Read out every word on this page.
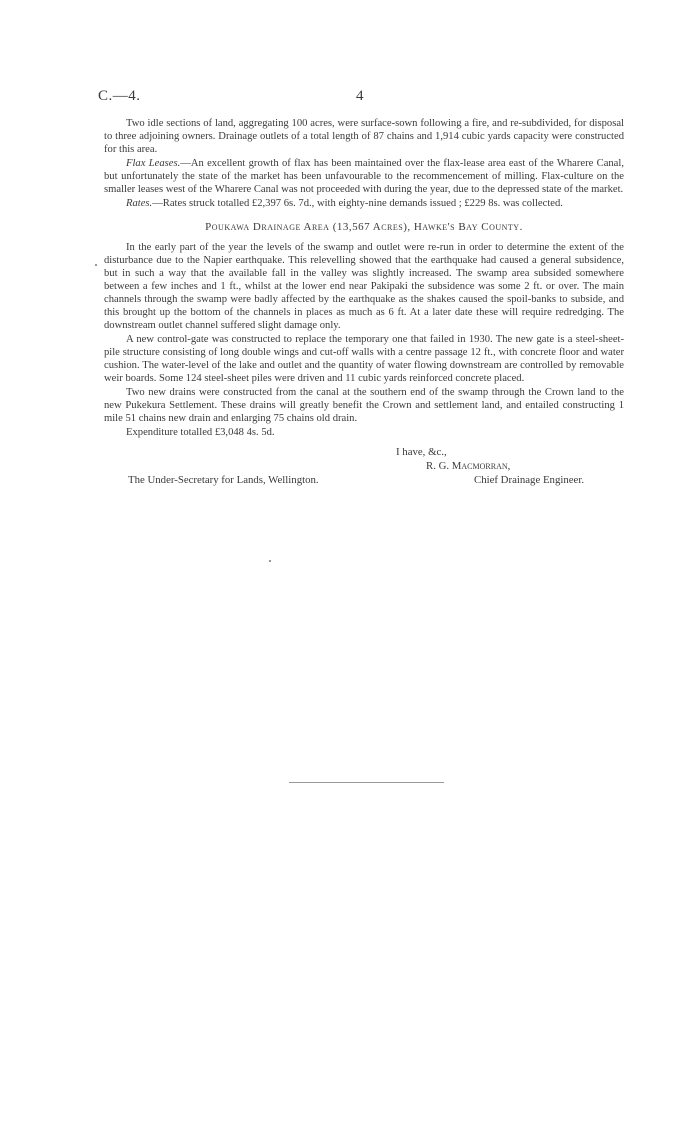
C.—4.	4

Two idle sections of land, aggregating 100 acres, were surface-sown following a fire, and re-subdivided, for disposal to three adjoining owners. Drainage outlets of a total length of 87 chains and 1,914 cubic yards capacity were constructed for this area.

Flax Leases.—An excellent growth of flax has been maintained over the flax-lease area east of the Wharere Canal, but unfortunately the state of the market has been unfavourable to the recommencement of milling. Flax-culture on the smaller leases west of the Wharere Canal was not proceeded with during the year, due to the depressed state of the market.

Rates.—Rates struck totalled £2,397 6s. 7d., with eighty-nine demands issued ; £229 8s. was collected.

Poukawa Drainage Area (13,567 Acres), Hawke's Bay County.

In the early part of the year the levels of the swamp and outlet were re-run in order to determine the extent of the disturbance due to the Napier earthquake. This relevelling showed that the earthquake had caused a general subsidence, but in such a way that the available fall in the valley was slightly increased. The swamp area subsided somewhere between a few inches and 1 ft., whilst at the lower end near Pakipaki the subsidence was some 2 ft. or over. The main channels through the swamp were badly affected by the earthquake as the shakes caused the spoil-banks to subside, and this brought up the bottom of the channels in places as much as 6 ft. At a later date these will require redredging. The downstream outlet channel suffered slight damage only.

A new control-gate was constructed to replace the temporary one that failed in 1930. The new gate is a steel-sheet-pile structure consisting of long double wings and cut-off walls with a centre passage 12 ft., with concrete floor and water cushion. The water-level of the lake and outlet and the quantity of water flowing downstream are controlled by removable weir boards. Some 124 steel-sheet piles were driven and 11 cubic yards reinforced concrete placed.

Two new drains were constructed from the canal at the southern end of the swamp through the Crown land to the new Pukekura Settlement. These drains will greatly benefit the Crown and settlement land, and entailed constructing 1 mile 51 chains new drain and enlarging 75 chains old drain.

Expenditure totalled £3,048 4s. 5d.

I have, &c.,
R. G. Macmorran,
The Under-Secretary for Lands, Wellington.	Chief Drainage Engineer.
